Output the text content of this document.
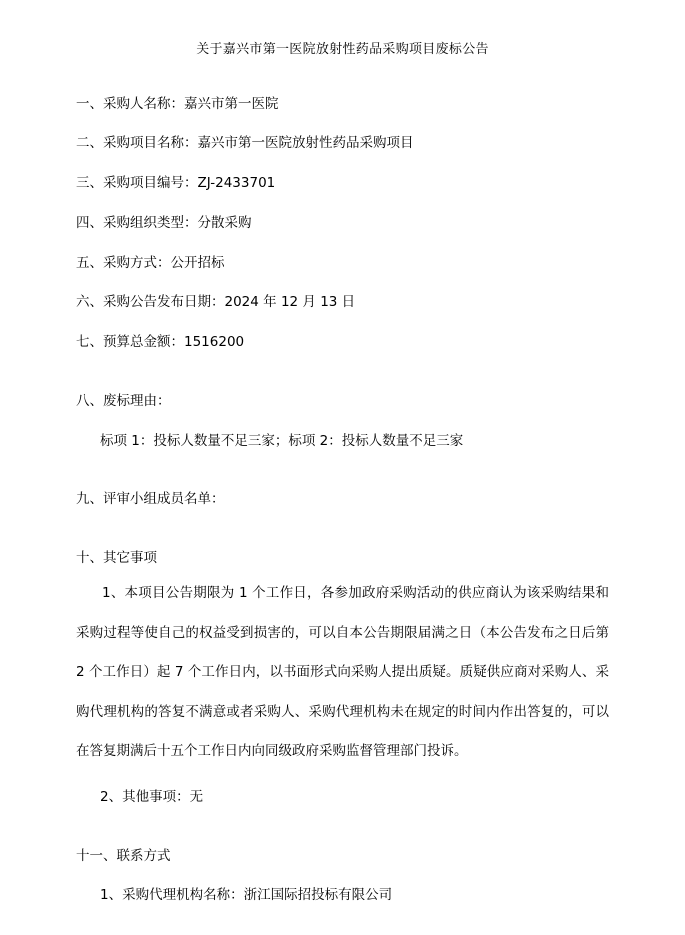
关于嘉兴市第一医院放射性药品采购项目废标公告
一、采购人名称：嘉兴市第一医院
二、采购项目名称：嘉兴市第一医院放射性药品采购项目
三、采购项目编号：ZJ-2433701
四、采购组织类型：分散采购
五、采购方式：公开招标
六、采购公告发布日期：2024 年 12 月 13 日
七、预算总金额：1516200
八、废标理由：
标项 1：投标人数量不足三家；标项 2：投标人数量不足三家
九、评审小组成员名单：
十、其它事项
1、本项目公告期限为 1 个工作日，各参加政府采购活动的供应商认为该采购结果和采购过程等使自己的权益受到损害的，可以自本公告期限届满之日（本公告发布之日后第 2 个工作日）起 7 个工作日内，以书面形式向采购人提出质疑。质疑供应商对采购人、采购代理机构的答复不满意或者采购人、采购代理机构未在规定的时间内作出答复的，可以在答复期满后十五个工作日内向同级政府采购监督管理部门投诉。
2、其他事项：无
十一、联系方式
1、采购代理机构名称：浙江国际招投标有限公司
